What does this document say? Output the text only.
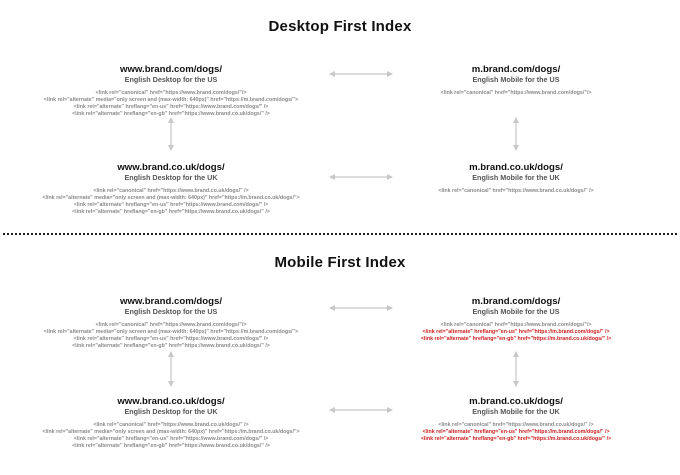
Desktop First Index
Mobile First Index
www.brand.com/dogs/
English Desktop for the US
<link rel="canonical" href="https://www.brand.com/dogs/"/>
<link rel="alternate" media="only screen and (max-width: 640px)" href="https://m.brand.com/dogs/">
<link rel="alternate" hreflang="en-us" href="https://www.brand.com/dogs/" />
<link rel="alternate" hreflang="en-gb" href="https://www.brand.co.uk/dogs/" />
m.brand.com/dogs/
English Mobile for the US
<link rel="canonical" href="https://www.brand.com/dogs/"/>
www.brand.co.uk/dogs/
English Desktop for the UK
<link rel="canonical" href="https://www.brand.co.uk/dogs/" />
<link rel="alternate" media="only screen and (max-width: 640px)" href="https://m.brand.co.uk/dogs/">
<link rel="alternate" hreflang="en-us" href="https://www.brand.com/dogs/" />
<link rel="alternate" hreflang="en-gb" href="https://www.brand.co.uk/dogs/" />
m.brand.co.uk/dogs/
English Mobile for the UK
<link rel="canonical" href="https://www.brand.co.uk/dogs/" />
www.brand.com/dogs/
English Desktop for the US
<link rel="canonical" href="https://www.brand.com/dogs/"/>
<link rel="alternate" media="only screen and (max-width: 640px)" href="https://m.brand.com/dogs/">
<link rel="alternate" hreflang="en-us" href="https://www.brand.com/dogs/" />
<link rel="alternate" hreflang="en-gb" href="https://www.brand.co.uk/dogs/" />
m.brand.com/dogs/
English Mobile for the US
<link rel="canonical" href="https://www.brand.com/dogs/"/>
<link rel="alternate" hreflang="en-us" href="https://m.brand.com/dogs/" />
<link rel="alternate" hreflang="en-gb" href="https://m.brand.co.uk/dogs/" />
www.brand.co.uk/dogs/
English Desktop for the UK
<link rel="canonical" href="https://www.brand.co.uk/dogs/" />
<link rel="alternate" media="only screen and (max-width: 640px)" href="https://m.brand.co.uk/dogs/">
<link rel="alternate" hreflang="en-us" href="https://www.brand.com/dogs/" />
<link rel="alternate" hreflang="en-gb" href="https://www.brand.co.uk/dogs/" />
m.brand.co.uk/dogs/
English Mobile for the UK
<link rel="canonical" href="https://www.brand.co.uk/dogs/" />
<link rel="alternate" hreflang="en-us" href="https://m.brand.com/dogs/" />
<link rel="alternate" hreflang="en-gb" href="https://m.brand.co.uk/dogs/" />
